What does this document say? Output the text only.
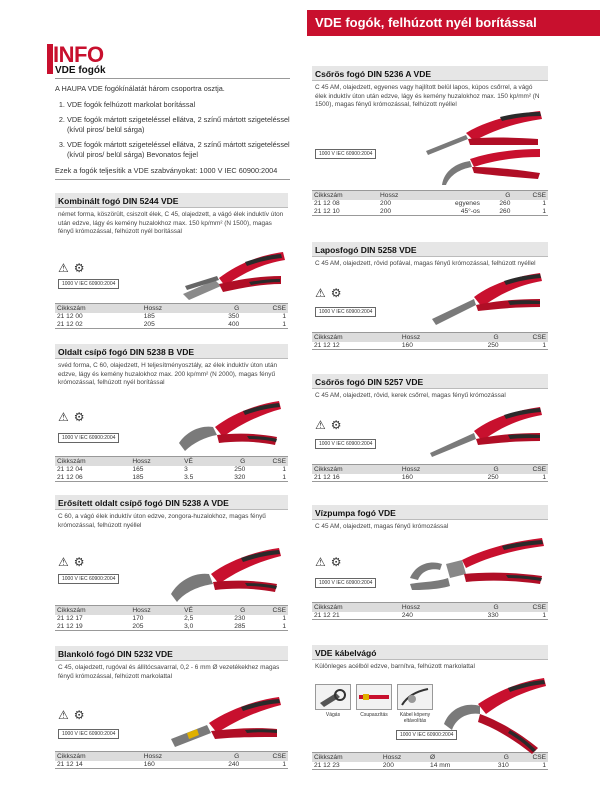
VDE fogók, felhúzott nyél borítással
INFO
VDE fogók

A HAUPA VDE fogókínálatát három csoportra osztja.

1. VDE fogók felhúzott markolat borítással
2. VDE fogók mártott szigeteléssel ellátva, 2 színű mártott szigeteléssel (kívül piros/ belül sárga)
3. VDE fogók mártott szigeteléssel ellátva, 2 színű mártott szigeteléssel (kívül piros/ belül sárga) Bevonatos fejjel

Ezek a fogók teljesítik a VDE szabványokat: 1000 V IEC 60900:2004

Kombinált fogó DIN 5244 VDE
német forma, köszörült, csiszolt élek, C 45, olajedzett, a vágó élek induktív úton után edzve, lágy és kemény huzalokhoz max. 150 kp/mm² (N 1500), magas fényű krómozással, felhúzott nyél borítással
⚠ ⚙
1000 V IEC 60900:2004
Cikkszám	Hossz	G	CSE
21 12 00	185	350	1
21 12 02	205	400	1
Oldalt csípő fogó DIN 5238 B VDE
svéd forma, C 60, olajedzett, H teljesítményosztály, az élek induktív úton után edzve, lágy és kemény huzalokhoz max. 200 kp/mm² (N 2000), magas fényű krómozással, felhúzott nyél borítással
⚠ ⚙
1000 V IEC 60900:2004
Cikkszám	Hossz	VÉ	G	CSE
21 12 04	165	3	250	1
21 12 06	185	3.5	320	1
Erősített oldalt csípő fogó DIN 5238 A VDE
C 60, a vágó élek induktív úton edzve, zongora-huzalokhoz, magas fényű krómozással, felhúzott nyéllel
⚠ ⚙
1000 V IEC 60900:2004
Cikkszám	Hossz	VÉ	G	CSE
21 12 17	170	2,5	230	1
21 12 19	205	3,0	285	1
Blankoló fogó DIN 5232 VDE
C 45, olajedzett, rugóval és állítócsavarral, 0,2 - 6 mm Ø vezetékekhez magas fényű krómozással, felhúzott markolattal
⚠ ⚙
1000 V IEC 60900:2004
Cikkszám	Hossz	G	CSE
21 12 14	160	240	1
Csőrös fogó DIN 5236 A VDE
C 45 AM, olajedzett, egyenes vagy hajlított belül lapos, kúpos csőrrel, a vágó élek induktív úton után edzve, lágy és kemény huzalokhoz max. 150 kp/mm² (N 1500), magas fényű krómozással, felhúzott nyéllel
1000 V IEC 60900:2004
Cikkszám	Hossz		G	CSE
21 12 08	200	egyenes	260	1
21 12 10	200	45°-os	260	1
Laposfogó DIN 5258 VDE
C 45 AM, olajedzett, rövid pofával, magas fényű krómozással, felhúzott nyéllel
⚠ ⚙
1000 V IEC 60900:2004
Cikkszám	Hossz	G	CSE
21 12 12	160	250	1
Csőrös fogó DIN 5257 VDE
C 45 AM, olajedzett, rövid, kerek csőrrel, magas fényű krómozással
⚠ ⚙
1000 V IEC 60900:2004
Cikkszám	Hossz	G	CSE
21 12 16	160	250	1
Vízpumpa fogó VDE
C 45 AM, olajedzett, magas fényű krómozással
⚠ ⚙
1000 V IEC 60900:2004
Cikkszám	Hossz	G	CSE
21 12 21	240	330	1
VDE kábelvágó
Különleges acélból edzve, barnítva, felhúzott markolattal
Vágás	Csupaszítás	Kábel köpeny eltávolítás
1000 V IEC 60900:2004
Cikkszám	Hossz	Ø	G	CSE
21 12 23	200	14 mm	310	1
